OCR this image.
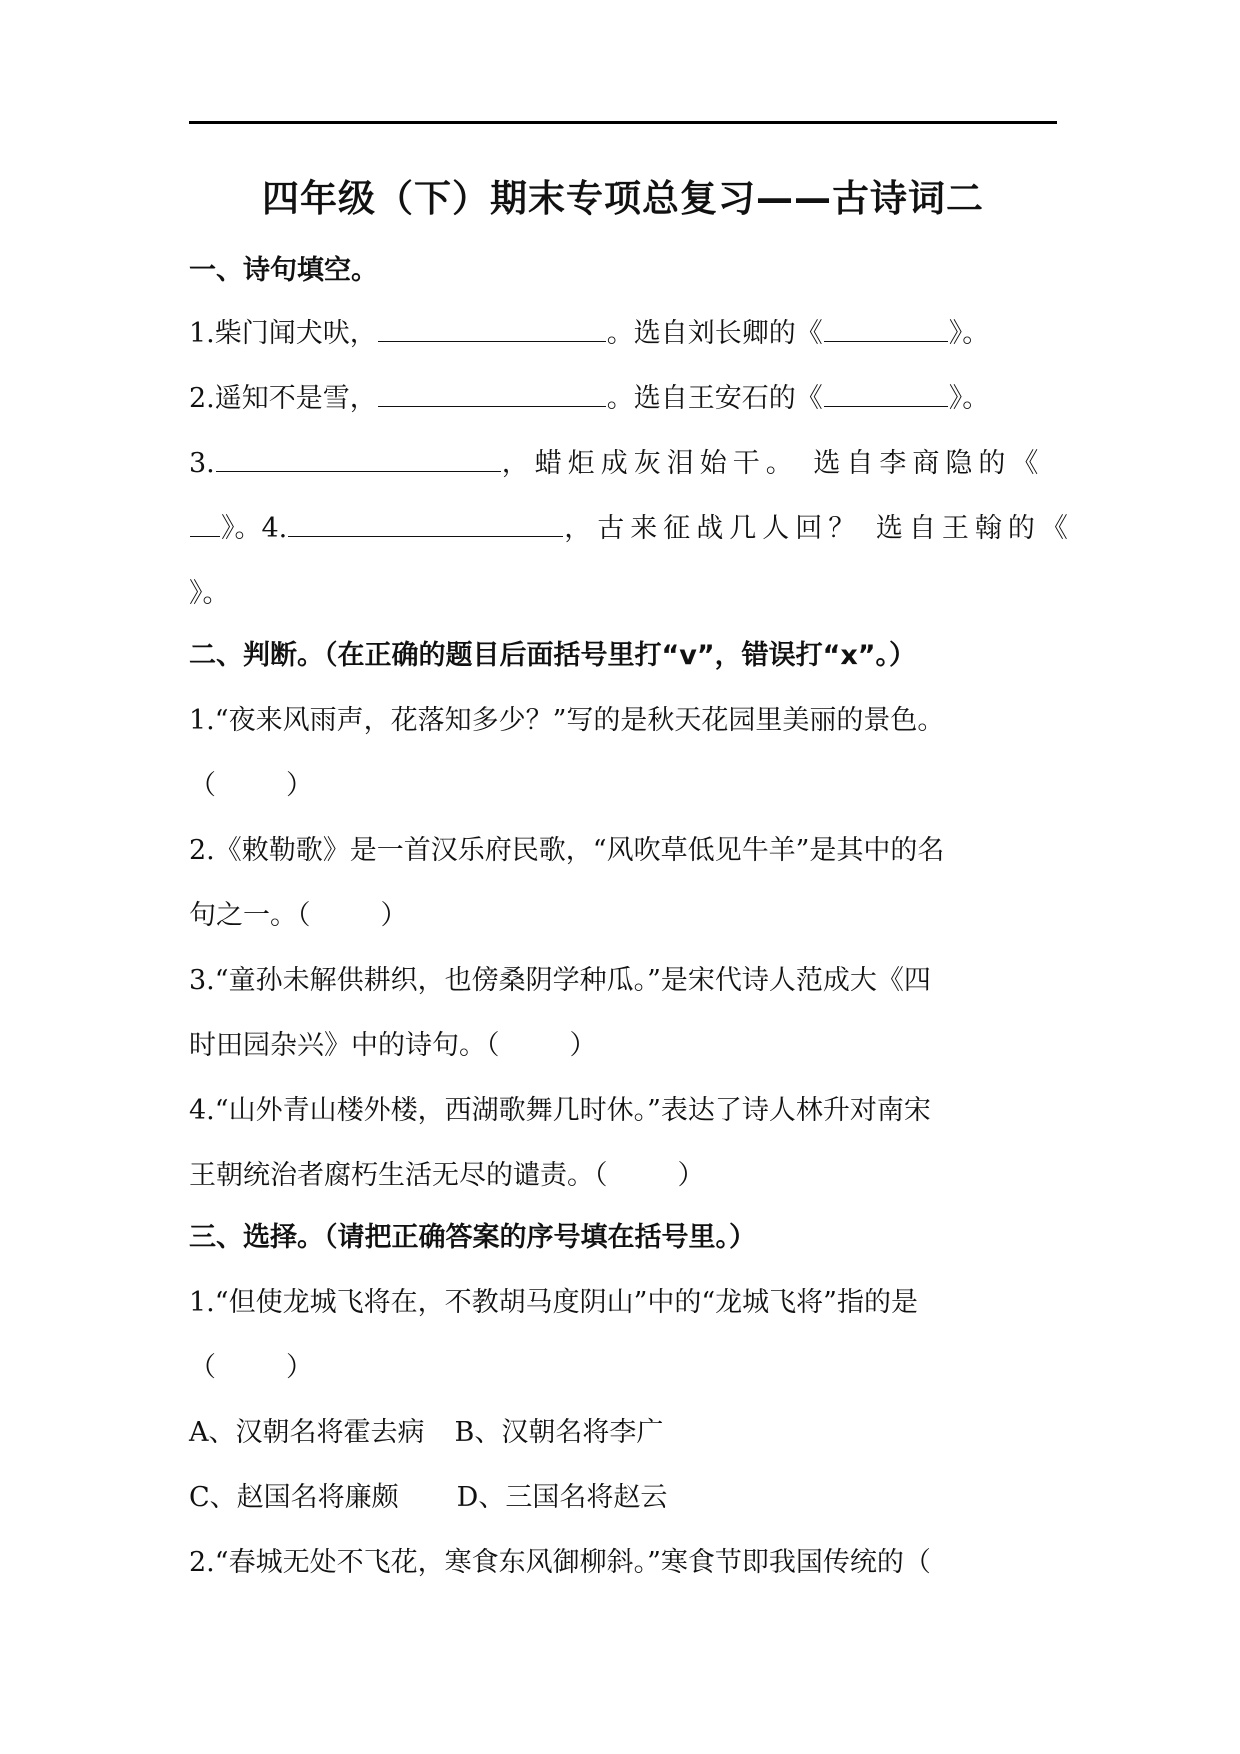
四年级（下）期末专项总复习——古诗词二
一、诗句填空。
1.柴门闻犬吠，	。选自刘长卿的《	》。
2.遥知不是雪，	。选自王安石的《	》。
3.	，蜡炬成灰泪始干。 选自李商隐的《
》。4.	，古来征战几人回？ 选自王翰的《
》。
二、判断。（在正确的题目后面括号里打“v”，错误打“x”。）
1.“夜来风雨声，花落知多少？”写的是秋天花园里美丽的景色。
（	）
2.《敕勒歌》是一首汉乐府民歌，“风吹草低见牛羊”是其中的名
句之一。（	）
3.“童孙未解供耕织，也傍桑阴学种瓜。”是宋代诗人范成大《四
时田园杂兴》中的诗句。（	）
4.“山外青山楼外楼，西湖歌舞几时休。”表达了诗人林升对南宋
王朝统治者腐朽生活无尽的谴责。（	）
三、选择。（请把正确答案的序号填在括号里。）
1.“但使龙城飞将在，不教胡马度阴山”中的“龙城飞将”指的是
（	）
A、汉朝名将霍去病 B、汉朝名将李广
C、赵国名将廉颇 D、三国名将赵云
2.“春城无处不飞花，寒食东风御柳斜。”寒食节即我国传统的（
